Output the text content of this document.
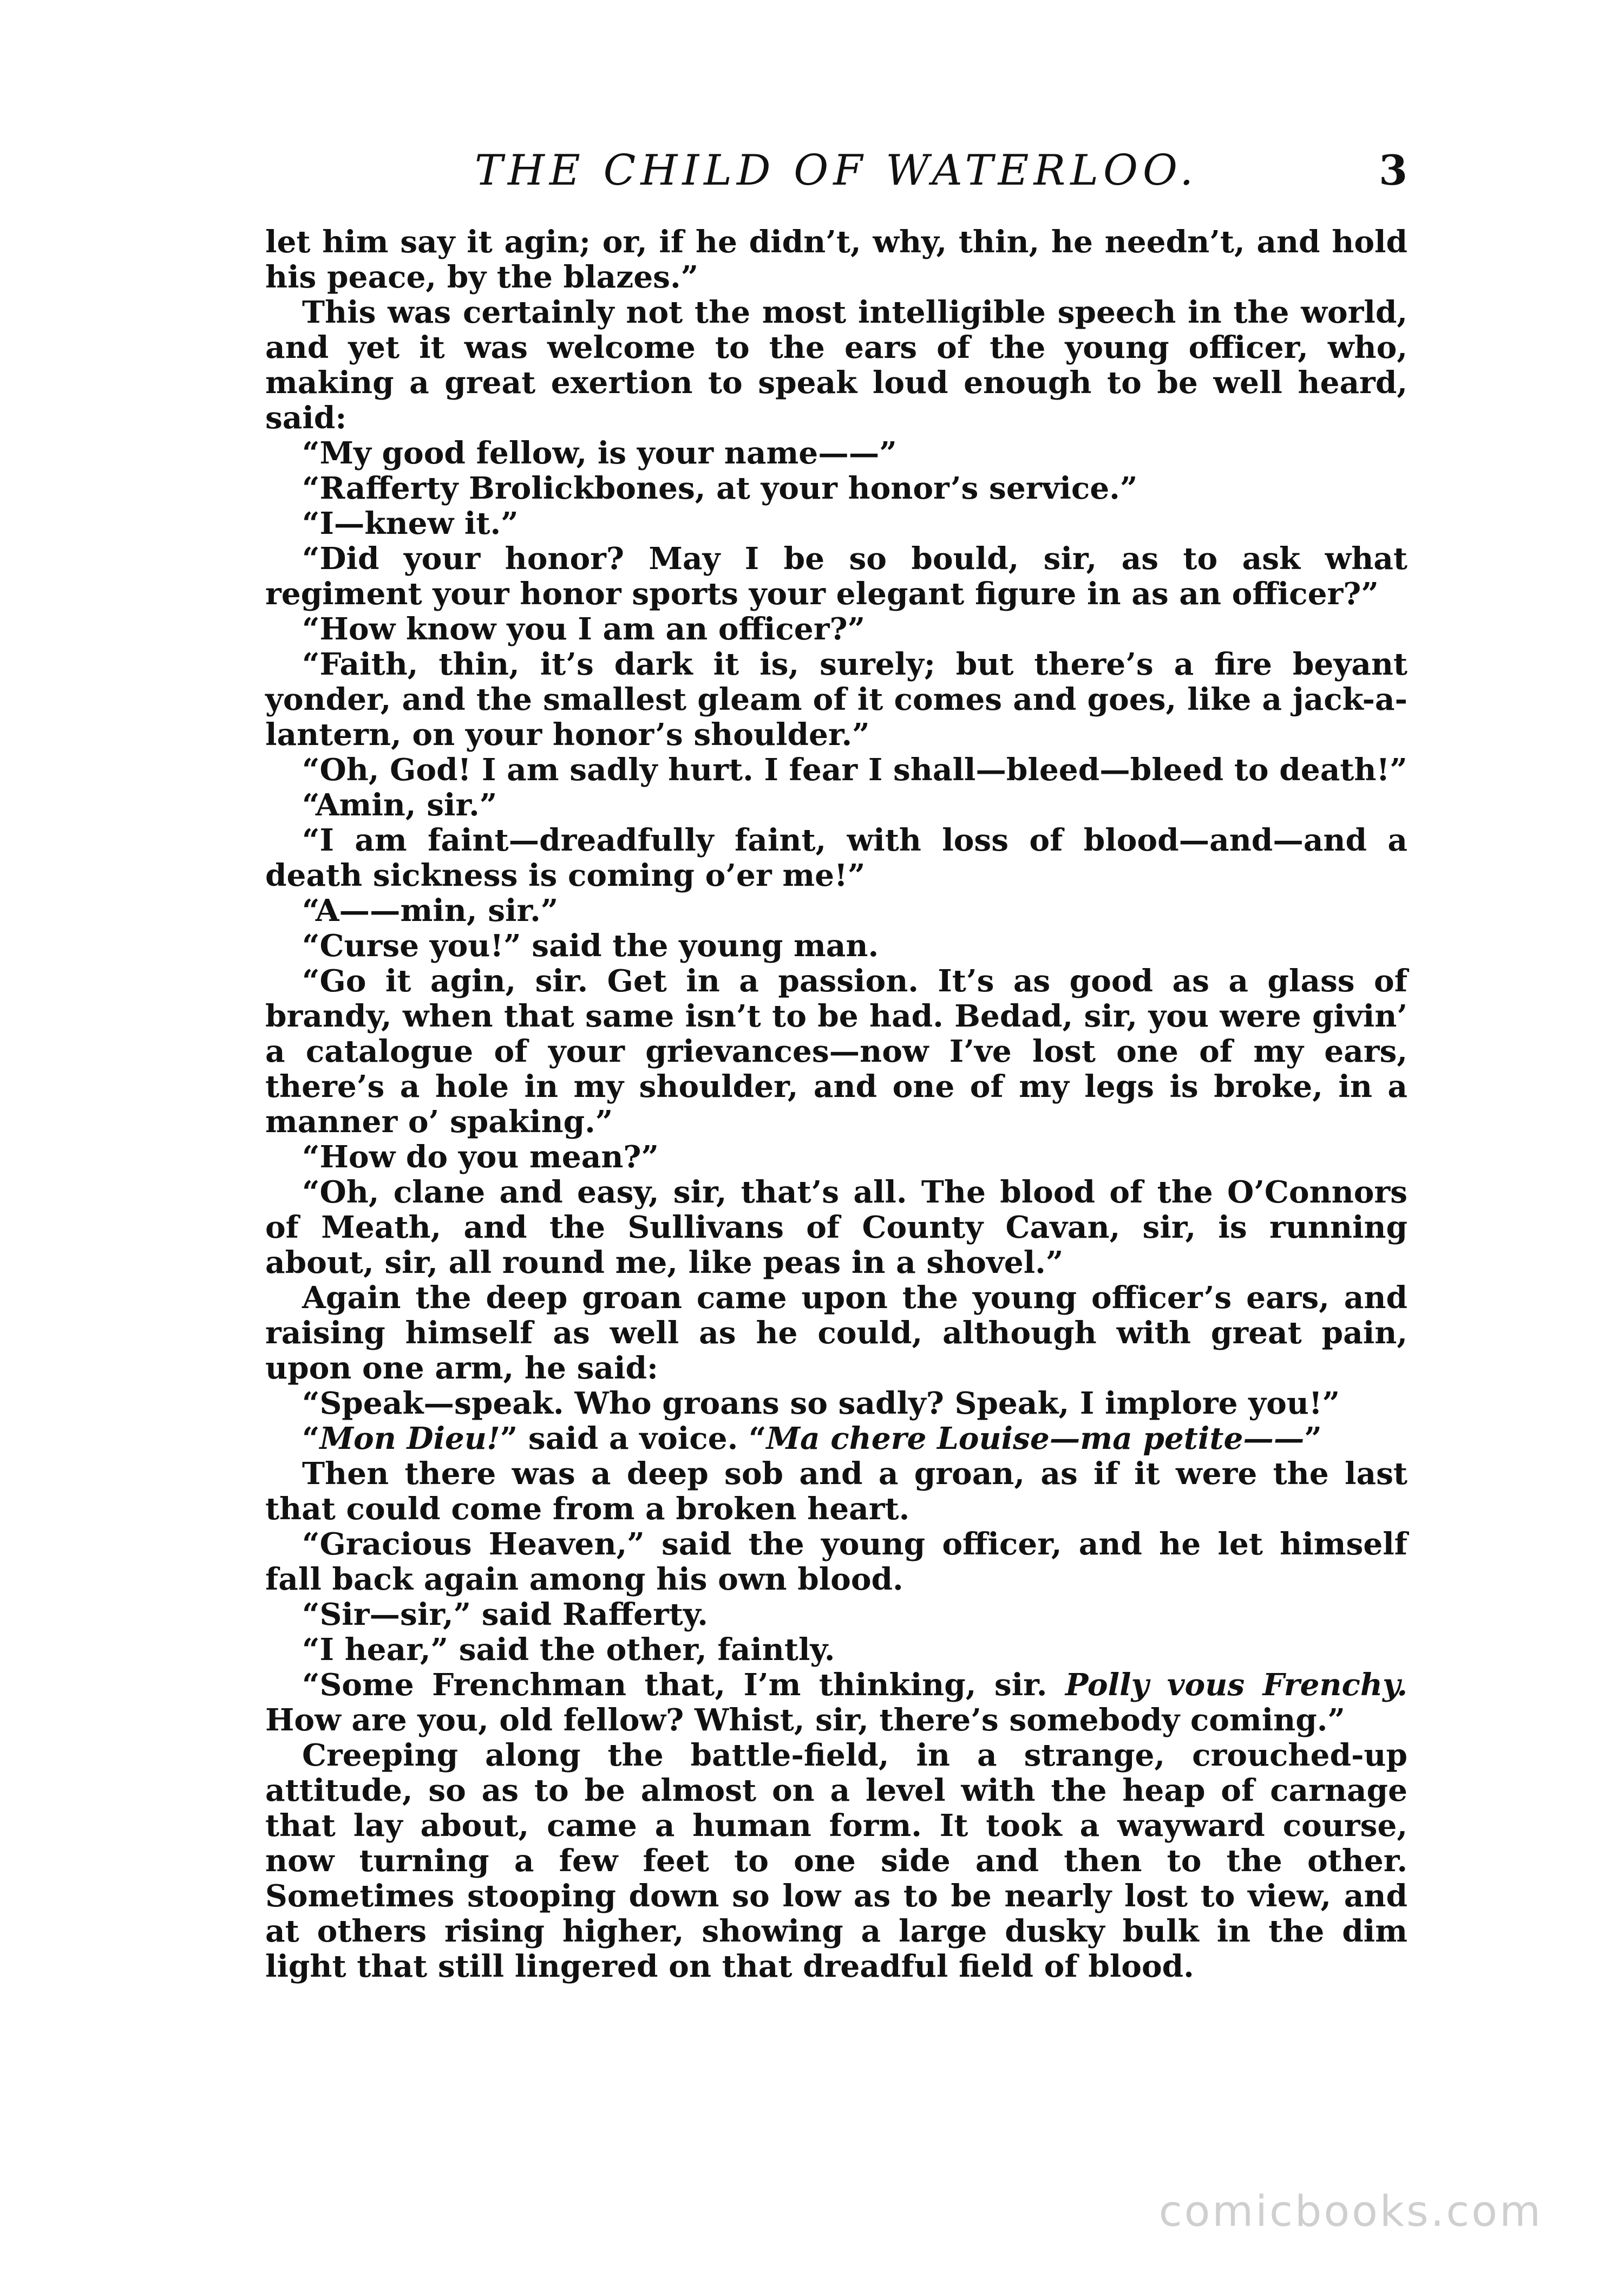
THE CHILD OF WATERLOO.	3

let him say it agin; or, if he didn’t, why, thin, he needn’t, and hold his peace, by the blazes.”

This was certainly not the most intelligible speech in the world, and yet it was welcome to the ears of the young officer, who, making a great exertion to speak loud enough to be well heard, said:

“My good fellow, is your name——”

“Rafferty Brolickbones, at your honor’s service.”

“I—knew it.”

“Did your honor? May I be so bould, sir, as to ask what regiment your honor sports your elegant figure in as an officer?”

“How know you I am an officer?”

“Faith, thin, it’s dark it is, surely; but there’s a fire beyant yonder, and the smallest gleam of it comes and goes, like a jack-a-lantern, on your honor’s shoulder.”

“Oh, God! I am sadly hurt. I fear I shall—bleed—bleed to death!”

“Amin, sir.”

“I am faint—dreadfully faint, with loss of blood—and—and a death sickness is coming o’er me!”

“A——min, sir.”

“Curse you!” said the young man.

“Go it agin, sir. Get in a passion. It’s as good as a glass of brandy, when that same isn’t to be had. Bedad, sir, you were givin’ a catalogue of your grievances—now I’ve lost one of my ears, there’s a hole in my shoulder, and one of my legs is broke, in a manner o’ spaking.”

“How do you mean?”

“Oh, clane and easy, sir, that’s all. The blood of the O’Connors of Meath, and the Sullivans of County Cavan, sir, is running about, sir, all round me, like peas in a shovel.”

Again the deep groan came upon the young officer’s ears, and raising himself as well as he could, although with great pain, upon one arm, he said:

“Speak—speak. Who groans so sadly? Speak, I implore you!”

“Mon Dieu!” said a voice. “Ma chere Louise—ma petite——”

Then there was a deep sob and a groan, as if it were the last that could come from a broken heart.

“Gracious Heaven,” said the young officer, and he let himself fall back again among his own blood.

“Sir—sir,” said Rafferty.

“I hear,” said the other, faintly.

“Some Frenchman that, I’m thinking, sir. Polly vous Frenchy. How are you, old fellow? Whist, sir, there’s somebody coming.”

Creeping along the battle-field, in a strange, crouched-up attitude, so as to be almost on a level with the heap of carnage that lay about, came a human form. It took a wayward course, now turning a few feet to one side and then to the other. Sometimes stooping down so low as to be nearly lost to view, and at others rising higher, showing a large dusky bulk in the dim light that still lingered on that dreadful field of blood.

comicbooks.com
